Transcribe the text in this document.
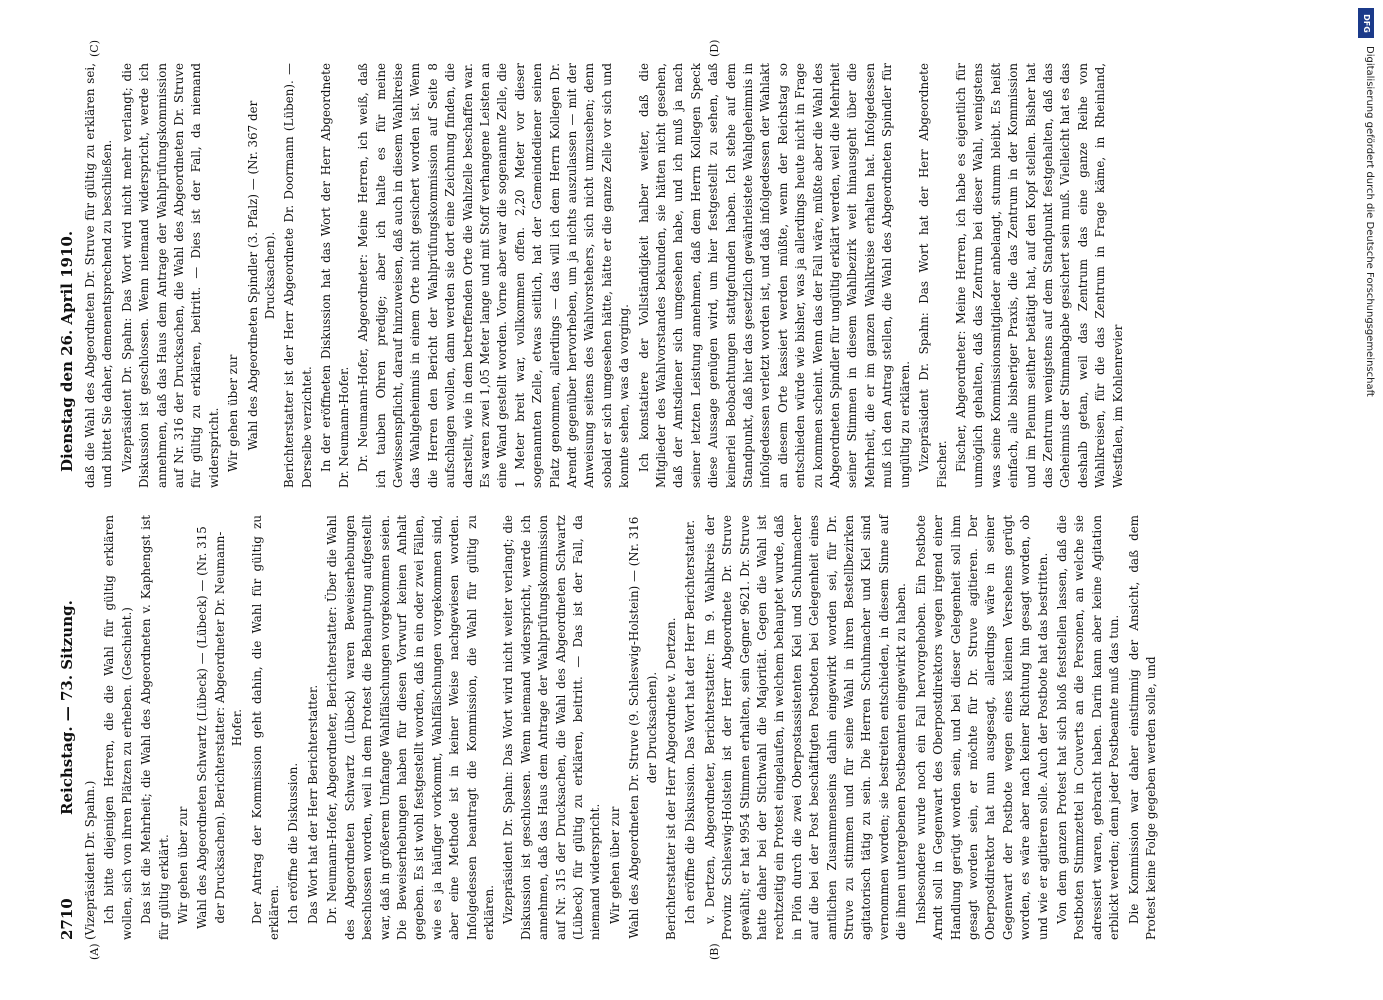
2710
Reichstag. — 73. Sitzung.
Dienstag den 26. April 1910.
(A)	(B)
(C)	(D)

(Vizepräsident Dr. Spahn.) Ich bitte diejenigen Herren, die die Wahl für gültig erklären wollen, sich von ihren Plätzen zu erheben. (Geschieht.) Das ist die Mehrheit; die Wahl des Abgeordneten v. Kaphengst ist für gültig erklärt. Wir gehen über zur Wahl des Abgeordneten Schwartz (Lübeck) — (Lübeck) — (Nr. 315 der Drucksachen). Berichterstatter: Abgeordneter Dr. Neumann-Hofer. Der Antrag der Kommission geht dahin, die Wahl für gültig zu erklären. Ich eröffne die Diskussion. Das Wort hat der Herr Berichterstatter. Dr. Neumann-Hofer, Abgeordneter, Berichterstatter: Über die Wahl des Abgeordneten Schwartz (Lübeck) waren Beweiserhebungen beschlossen worden, weil in dem Protest die Behauptung aufgestellt war, daß in größerem Umfange Wahlfälschungen vorgekommen seien. Die Beweiserhebungen haben für diesen Vorwurf keinen Anhalt gegeben. Es ist wohl festgestellt worden, daß in ein oder zwei Fällen, wie es ja häufiger vorkommt, Wahlfälschungen vorgekommen sind, aber eine Methode ist in keiner Weise nachgewiesen worden. Infolgedessen beantragt die Kommission, die Wahl für gültig zu erklären. Vizepräsident Dr. Spahn: Das Wort wird nicht weiter verlangt; die Diskussion ist geschlossen. Wenn niemand widerspricht, werde ich annehmen, daß das Haus dem Antrage der Wahlprüfungskommission auf Nr. 315 der Drucksachen, die Wahl des Abgeordneten Schwartz (Lübeck) für gültig zu erklären, beitritt. — Das ist der Fall, da niemand widerspricht. Wir gehen über zur Wahl des Abgeordneten Dr. Struve (9. Schleswig-Holstein) — (Nr. 316 der Drucksachen). Berichterstatter ist der Herr Abgeordnete v. Dertzen. Ich eröffne die Diskussion. Das Wort hat der Herr Berichterstatter. v. Dertzen, Abgeordneter, Berichterstatter: Im 9. Wahlkreis der Provinz Schleswig-Holstein ist der Herr Abgeordnete Dr. Struve gewählt; er hat 9954 Stimmen erhalten, sein Gegner 9621. Dr. Struve hatte daher bei der Stichwahl die Majorität. Gegen die Wahl ist rechtzeitig ein Protest eingelaufen, in welchem behauptet wurde, daß in Plön durch die zwei Oberpostassistenten Kiel und Schuhmacher auf die bei der Post beschäftigten Postboten bei Gelegenheit eines amtlichen Zusammenseins dahin eingewirkt worden sei, für Dr. Struve zu stimmen und für seine Wahl in ihren Bestellbezirken agitatorisch tätig zu sein. Die Herren Schuhmacher und Kiel sind vernommen worden; sie bestreiten entschieden, in diesem Sinne auf die ihnen untergebenen Postbeamten eingewirkt zu haben. Insbesondere wurde noch ein Fall hervorgehoben. Ein Postbote Arndt soll in Gegenwart des Oberpostdirektors wegen irgend einer Handlung gerügt worden sein, und bei dieser Gelegenheit soll ihm gesagt worden sein, er möchte für Dr. Struve agitieren. Der Oberpostdirektor hat nun ausgesagt, allerdings wäre in seiner Gegenwart der Postbote wegen eines kleinen Versehens gerügt worden, es wäre aber nach keiner Richtung hin gesagt worden, ob und wie er agitieren solle. Auch der Postbote hat das bestritten. Von dem ganzen Protest hat sich bloß feststellen lassen, daß die Postboten Stimmzettel in Couverts an die Personen, an welche sie adressiert waren, gebracht haben. Darin kann aber keine Agitation erblickt werden; denn jeder Postbeamte muß das tun. Die Kommission war daher einstimmig der Ansicht, daß dem Protest keine Folge gegeben werden solle, und

daß die Wahl des Abgeordneten Dr. Struve für gültig zu erklären sei, und bittet Sie daher, demenentsprechend zu beschließen. Vizepräsident Dr. Spahn: Das Wort wird nicht mehr verlangt; die Diskussion ist geschlossen. Wenn niemand widerspricht, werde ich annehmen, daß das Haus dem Antrage der Wahlprüfungskommission auf Nr. 316 der Drucksachen, die Wahl des Abgeordneten Dr. Struve für gültig zu erklären, beitritt. — Dies ist der Fall, da niemand widerspricht. Wir gehen über zur Wahl des Abgeordneten Spindler (3. Pfalz) — (Nr. 367 der Drucksachen). Berichterstatter ist der Herr Abgeordnete Dr. Doormann (Lüben). — Derselbe verzichtet. In der eröffneten Diskussion hat das Wort der Herr Abgeordnete Dr. Neumann-Hofer. Dr. Neumann-Hofer, Abgeordneter: Meine Herren, ich weiß, daß ich tauben Ohren predige; aber ich halte es für meine Gewissenspflicht, darauf hinzuweisen, daß auch in diesem Wahlkreise das Wahlgeheimnis in einem Orte nicht gesichert worden ist. Wenn die Herren den Bericht der Wahlprüfungskommission auf Seite 8 aufschlagen wollen, dann werden sie dort eine Zeichnung finden, die darstellt, wie in dem betreffenden Orte die Wahlzelle beschaffen war. Es waren zwei 1,05 Meter lange und mit Stoff verhangene Leisten an eine Wand gestellt worden. Vorne aber war die sogenannte Zelle, die 1 Meter breit war, vollkommen offen. 2,20 Meter vor dieser sogenannten Zelle, etwas seitlich, hat der Gemeindediener seinen Platz genommen, allerdings — das will ich dem Herrn Kollegen Dr. Arendt gegenüber hervorheben, um ja nichts auszulassen — mit der Anweisung seitens des Wahlvorstehers, sich nicht umzusehen; denn sobald er sich umgesehen hätte, hätte er die ganze Zelle vor sich und konnte sehen, was da vorging. Ich konstatiere der Vollständigkeit halber weiter, daß die Mitglieder des Wahlvorstandes bekunden, sie hätten nicht gesehen, daß der Amtsdiener sich umgesehen habe, und ich muß ja nach seiner letzten Leistung annehmen, daß dem Herrn Kollegen Speck diese Aussage genügen wird, um hier festgestellt zu sehen, daß keinerlei Beobachtungen stattgefunden haben. Ich stehe auf dem Standpunkt, daß hier das gesetzlich gewährleistete Wahlgeheimnis in infolgedessen verletzt worden ist, und daß infolgedessen der Wahlakt an diesem Orte kassiert werden müßte, wenn der Reichstag so entschieden würde wie bisher, was ja allerdings heute nicht in Frage zu kommen scheint. Wenn das der Fall wäre, müßte aber die Wahl des Abgeordneten Spindler für ungültig erklärt werden, weil die Mehrheit seiner Stimmen in diesem Wahlbezirk weit hinausgeht über die Mehrheit, die er im ganzen Wahlkreise erhalten hat. Infolgedessen muß ich den Antrag stellen, die Wahl des Abgeordneten Spindler für ungültig zu erklären. Vizepräsident Dr. Spahn: Das Wort hat der Herr Abgeordnete Fischer. Fischer, Abgeordneter: Meine Herren, ich habe es eigentlich für unmöglich gehalten, daß das Zentrum bei dieser Wahl, wenigstens was seine Kommissionsmitglieder anbelangt, stumm bleibt. Es heißt einfach, alle bisheriger Praxis, die das Zentrum in der Kommission und im Plenum seither betätigt hat, auf den Kopf stellen. Bisher hat das Zentrum wenigstens auf dem Standpunkt festgehalten, daß das Geheimnis der Stimmabgabe gesichert sein muß. Vielleicht hat es das deshalb getan, weil das Zentrum das eine ganze Reihe von Wahlkreisen, für die das Zentrum in Frage käme, in Rheinland, Westfalen, im Kohlenrevier

DFG
Digitalisierung gefördert durch die Deutsche Forschungsgemeinschaft
